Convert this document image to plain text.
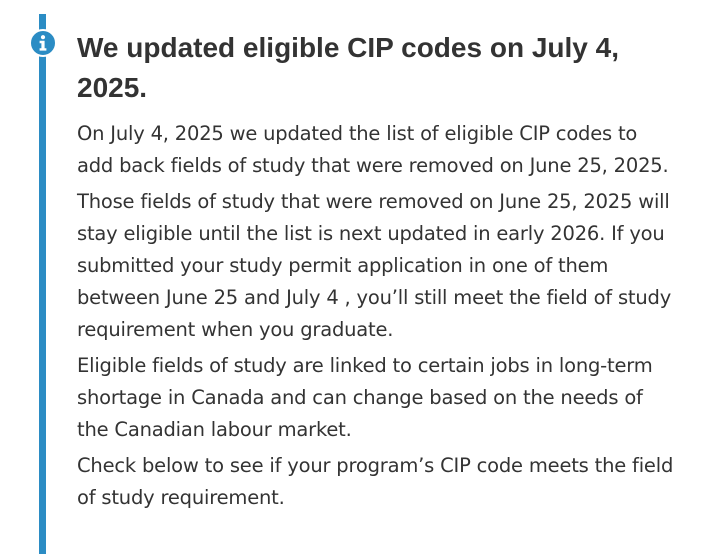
We updated eligible CIP codes on July 4, 2025.

On July 4, 2025 we updated the list of eligible CIP codes to add back fields of study that were removed on June 25, 2025.

Those fields of study that were removed on June 25, 2025 will stay eligible until the list is next updated in early 2026. If you submitted your study permit application in one of them between June 25 and July 4 , you’ll still meet the field of study requirement when you graduate.

Eligible fields of study are linked to certain jobs in long-term shortage in Canada and can change based on the needs of the Canadian labour market.

Check below to see if your program’s CIP code meets the field of study requirement.
